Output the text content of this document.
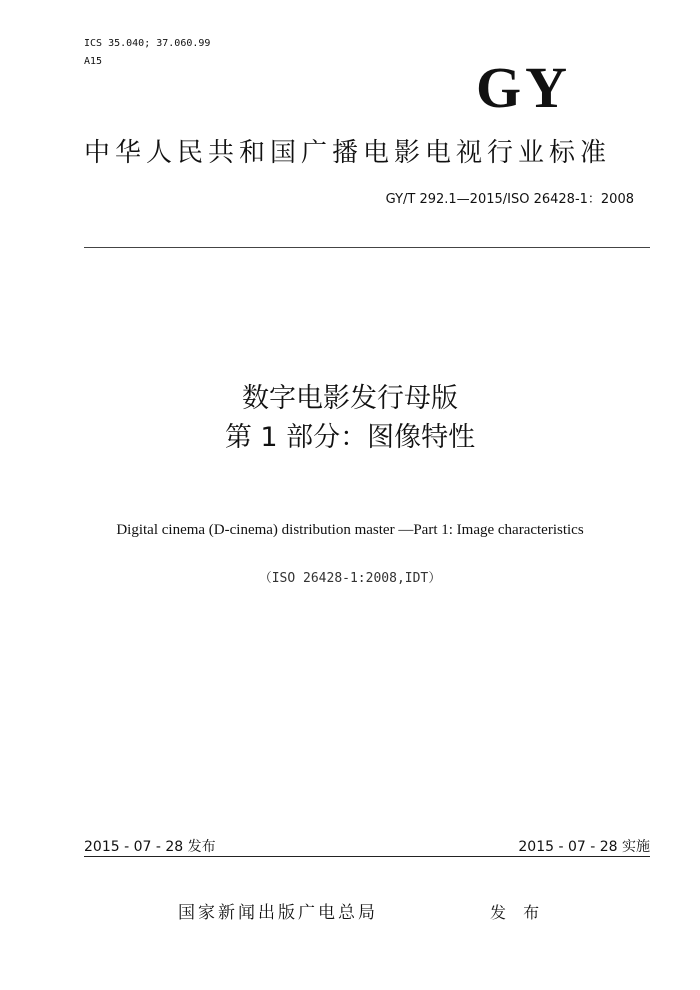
ICS 35.040; 37.060.99
A15	GY
中华人民共和国广播电影电视行业标准
GY/T 292.1—2015/ISO 26428-1：2008
数字电影发行母版
第 1 部分：图像特性
Digital cinema (D-cinema) distribution master —Part 1: Image characteristics
（ISO 26428-1:2008,IDT）
2015 - 07 - 28 发布	2015 - 07 - 28 实施
国家新闻出版广电总局	发 布
